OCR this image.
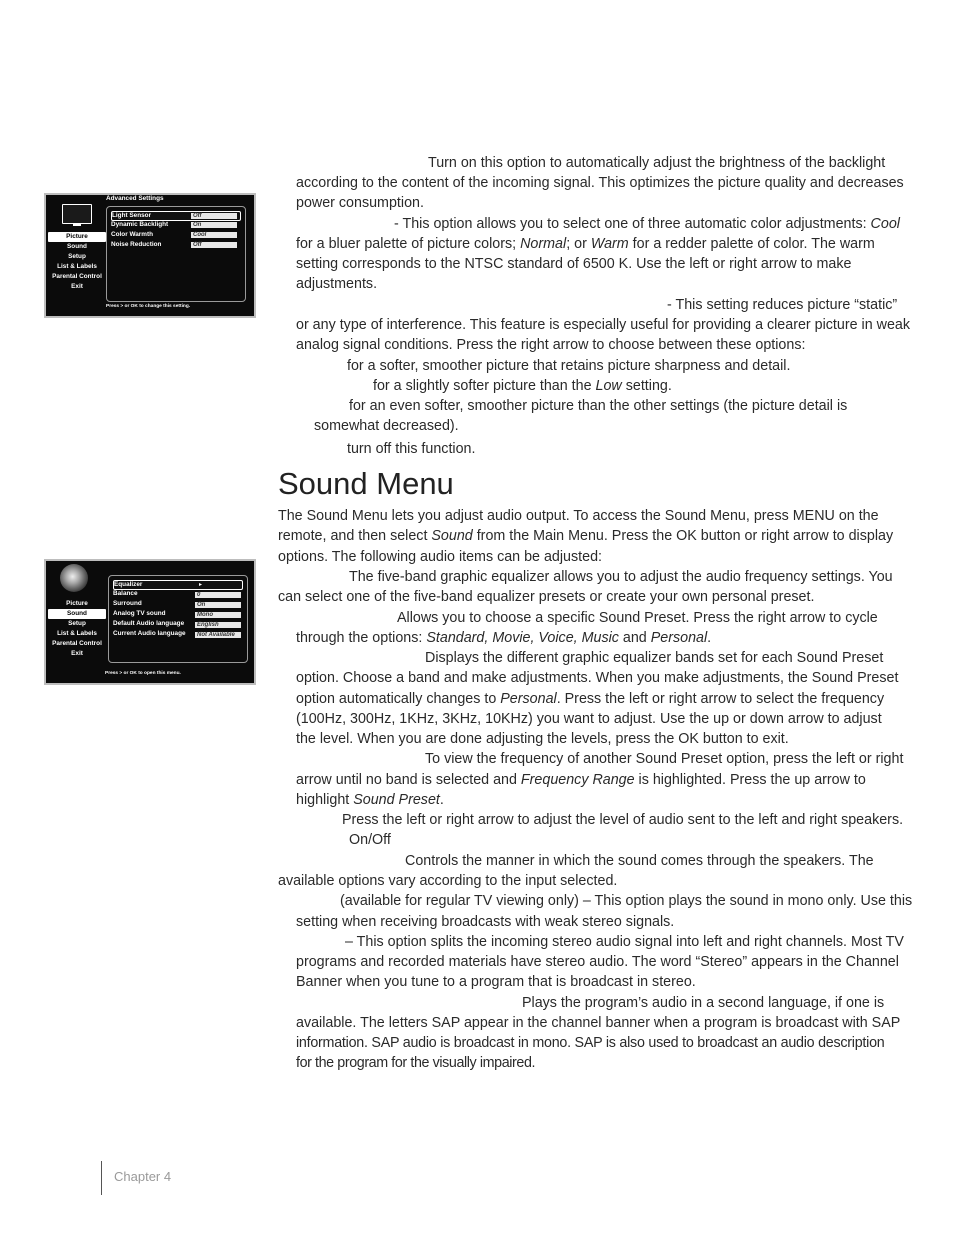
Advanced Settings
Picture
Sound
Setup
List & Labels
Parental Control
Exit
Light Sensor	Off
Dynamic Backlight	On
Color Warmth	Cool
Noise Reduction	Off
Press > or OK to change this setting.
Picture
Sound
Setup
List & Labels
Parental Control
Exit
Equalizer	▸
Balance	0
Surround	On
Analog TV sound	Mono
Default Audio language	English
Current Audio language	Not Available
Press > or OK to open this menu.
Turn on this option to automatically adjust the brightness of the backlight
according to the content of the incoming signal. This optimizes the picture quality and decreases
power consumption.
- This option allows you to select one of three automatic color adjustments: Cool
for a bluer palette of picture colors; Normal; or Warm for a redder palette of color. The warm
setting corresponds to the NTSC standard of 6500 K. Use the left or right arrow to make
adjustments.
- This setting reduces picture “static”
or any type of interference. This feature is especially useful for providing a clearer picture in weak
analog signal conditions. Press the right arrow to choose between these options:
for a softer, smoother picture that retains picture sharpness and detail.
for a slightly softer picture than the Low setting.
for an even softer, smoother picture than the other settings (the picture detail is
somewhat decreased).
turn off this function.
Sound Menu
The Sound Menu lets you adjust audio output. To access the Sound Menu, press MENU on the
remote, and then select Sound from the Main Menu. Press the OK button or right arrow to display
options. The following audio items can be adjusted:
The five-band graphic equalizer allows you to adjust the audio frequency settings. You
can select one of the five-band equalizer presets or create your own personal preset.
Allows you to choose a specific Sound Preset. Press the right arrow to cycle
through the options: Standard, Movie, Voice, Music and Personal.
Displays the different graphic equalizer bands set for each Sound Preset
option. Choose a band and make adjustments. When you make adjustments, the Sound Preset
option automatically changes to Personal. Press the left or right arrow to select the frequency
(100Hz, 300Hz, 1KHz, 3KHz, 10KHz) you want to adjust. Use the up or down arrow to adjust
the level. When you are done adjusting the levels, press the OK button to exit.
To view the frequency of another Sound Preset option, press the left or right
arrow until no band is selected and Frequency Range is highlighted. Press the up arrow to
highlight Sound Preset.
Press the left or right arrow to adjust the level of audio sent to the left and right speakers.
On/Off
Controls the manner in which the sound comes through the speakers. The
available options vary according to the input selected.
(available for regular TV viewing only) – This option plays the sound in mono only. Use this
setting when receiving broadcasts with weak stereo signals.
– This option splits the incoming stereo audio signal into left and right channels. Most TV
programs and recorded materials have stereo audio. The word “Stereo” appears in the Channel
Banner when you tune to a program that is broadcast in stereo.
Plays the program’s audio in a second language, if one is
available. The letters SAP appear in the channel banner when a program is broadcast with SAP
information. SAP audio is broadcast in mono. SAP is also used to broadcast an audio description
for the program for the visually impaired.
Chapter 4
